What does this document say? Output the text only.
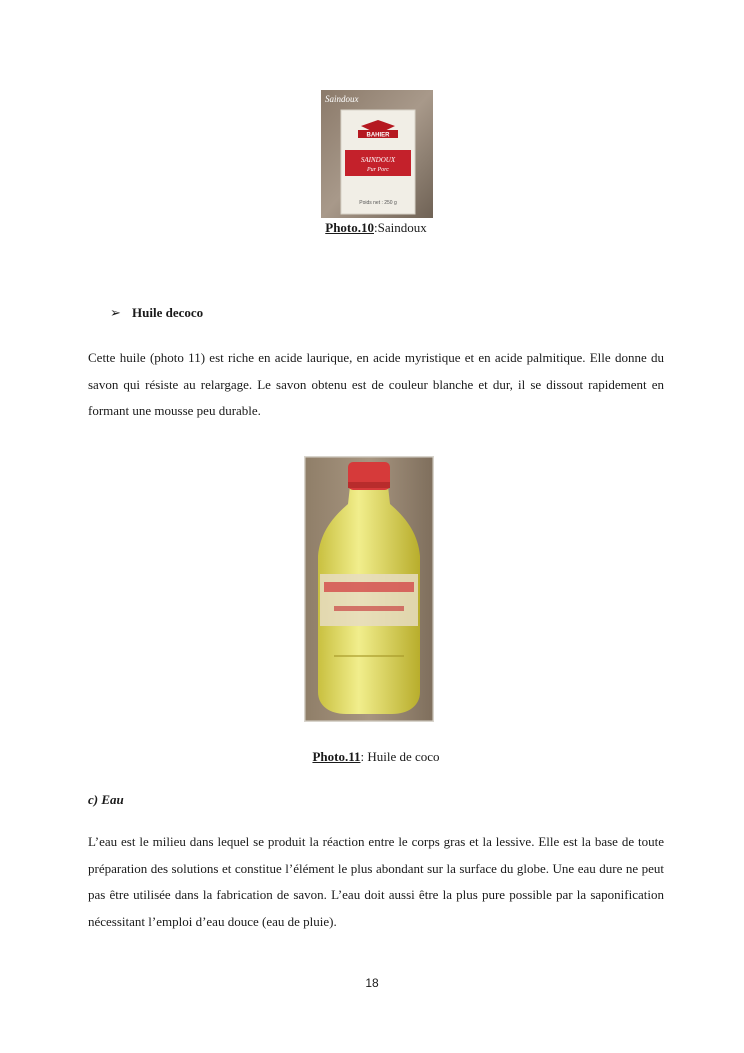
Saindoux
BAHIER
SAINDOUX
Pur Porc
Poids net : 250 g
Photo.10:Saindoux
➢ Huile decoco

Cette huile (photo 11) est riche en acide laurique, en acide myristique et en acide palmitique. Elle donne du savon qui résiste au relargage. Le savon obtenu est de couleur blanche et dur, il se dissout rapidement en formant une mousse peu durable.

Photo.11: Huile de coco
c) Eau

L’eau est le milieu dans lequel se produit la réaction entre le corps gras et la lessive. Elle est la base de toute préparation des solutions et constitue l’élément le plus abondant sur la surface du globe. Une eau dure ne peut pas être utilisée dans la fabrication de savon. L’eau doit aussi être la plus pure possible par la saponification nécessitant l’emploi d’eau douce (eau de pluie).

18
